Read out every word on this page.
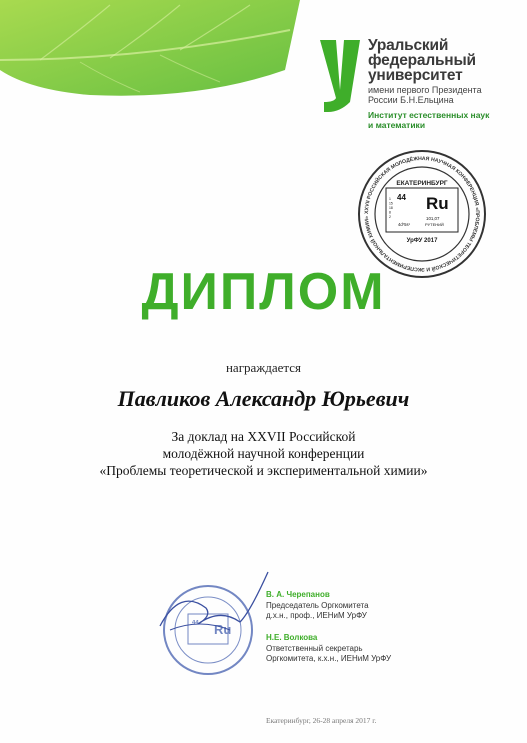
Уральский
федеральный
университет
имени первого Президента
России Б.Н.Ельцина
Институт естественных наук
и математики
XXVII РОССИЙСКАЯ МОЛОДЁЖНАЯ НАУЧНАЯ КОНФЕРЕНЦИЯ «ПРОБЛЕМЫ ТЕОРЕТИЧЕСКОЙ И ЭКСПЕРИМЕНТАЛЬНОЙ ХИМИИ»
ЕКАТЕРИНБУРГ
44 Ru
1 15 18 8 2
4d⁷5s¹
101,07
РУТЕНИЙ
УрФУ 2017
ДИПЛОМ
награждается
Павликов Александр Юрьевич
За доклад на XXVII Российской
молодёжной научной конференции
«Проблемы теоретической и экспериментальной химии»
Ru
44
В. А. Черепанов
Председатель Оргкомитета
д.х.н., проф., ИЕНиМ УрФУ
Н.Е. Волкова
Ответственный секретарь
Оргкомитета, к.х.н., ИЕНиМ УрФУ
Екатеринбург, 26-28 апреля 2017 г.
